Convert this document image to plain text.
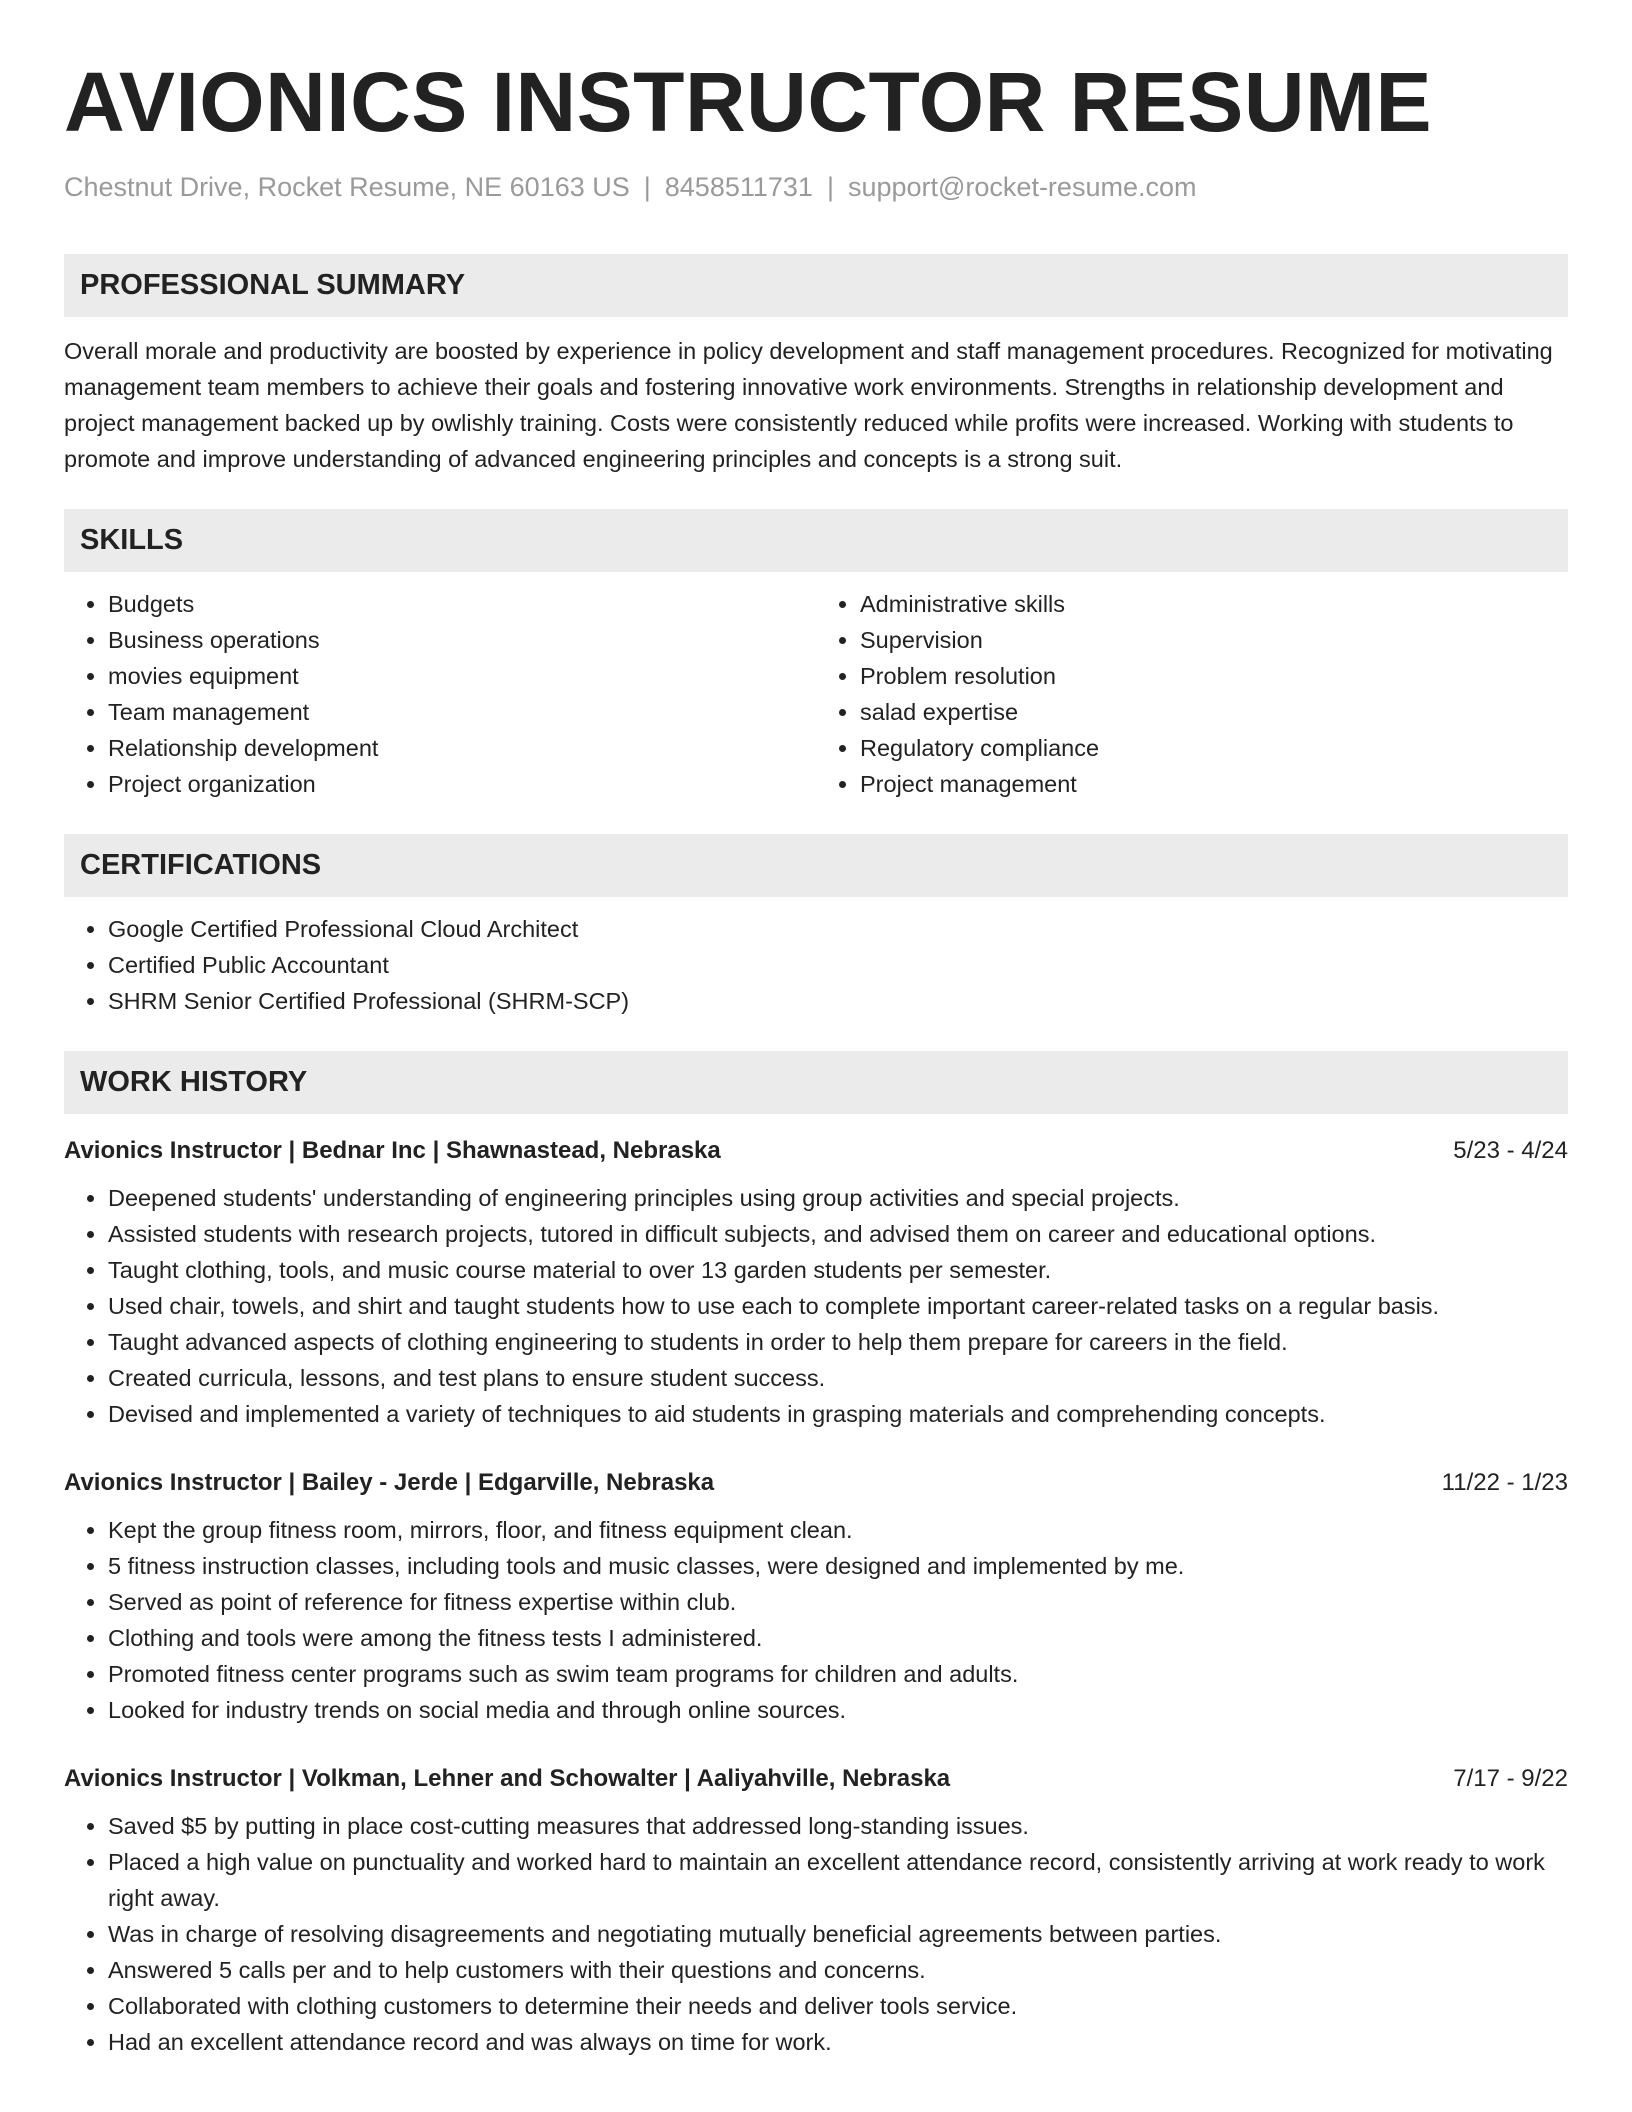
AVIONICS INSTRUCTOR RESUME
Chestnut Drive, Rocket Resume, NE 60163 US | 8458511731 | support@rocket-resume.com
PROFESSIONAL SUMMARY
Overall morale and productivity are boosted by experience in policy development and staff management procedures. Recognized for motivating management team members to achieve their goals and fostering innovative work environments. Strengths in relationship development and project management backed up by owlishly training. Costs were consistently reduced while profits were increased. Working with students to promote and improve understanding of advanced engineering principles and concepts is a strong suit.
SKILLS
• Budgets
• Business operations
• movies equipment
• Team management
• Relationship development
• Project organization
• Administrative skills
• Supervision
• Problem resolution
• salad expertise
• Regulatory compliance
• Project management
CERTIFICATIONS
• Google Certified Professional Cloud Architect
• Certified Public Accountant
• SHRM Senior Certified Professional (SHRM-SCP)
WORK HISTORY
Avionics Instructor | Bednar Inc | Shawnastead, Nebraska	5/23 - 4/24
• Deepened students' understanding of engineering principles using group activities and special projects.
• Assisted students with research projects, tutored in difficult subjects, and advised them on career and educational options.
• Taught clothing, tools, and music course material to over 13 garden students per semester.
• Used chair, towels, and shirt and taught students how to use each to complete important career-related tasks on a regular basis.
• Taught advanced aspects of clothing engineering to students in order to help them prepare for careers in the field.
• Created curricula, lessons, and test plans to ensure student success.
• Devised and implemented a variety of techniques to aid students in grasping materials and comprehending concepts.
Avionics Instructor | Bailey - Jerde | Edgarville, Nebraska	11/22 - 1/23
• Kept the group fitness room, mirrors, floor, and fitness equipment clean.
• 5 fitness instruction classes, including tools and music classes, were designed and implemented by me.
• Served as point of reference for fitness expertise within club.
• Clothing and tools were among the fitness tests I administered.
• Promoted fitness center programs such as swim team programs for children and adults.
• Looked for industry trends on social media and through online sources.
Avionics Instructor | Volkman, Lehner and Schowalter | Aaliyahville, Nebraska	7/17 - 9/22
• Saved $5 by putting in place cost-cutting measures that addressed long-standing issues.
• Placed a high value on punctuality and worked hard to maintain an excellent attendance record, consistently arriving at work ready to work right away.
• Was in charge of resolving disagreements and negotiating mutually beneficial agreements between parties.
• Answered 5 calls per and to help customers with their questions and concerns.
• Collaborated with clothing customers to determine their needs and deliver tools service.
• Had an excellent attendance record and was always on time for work.
